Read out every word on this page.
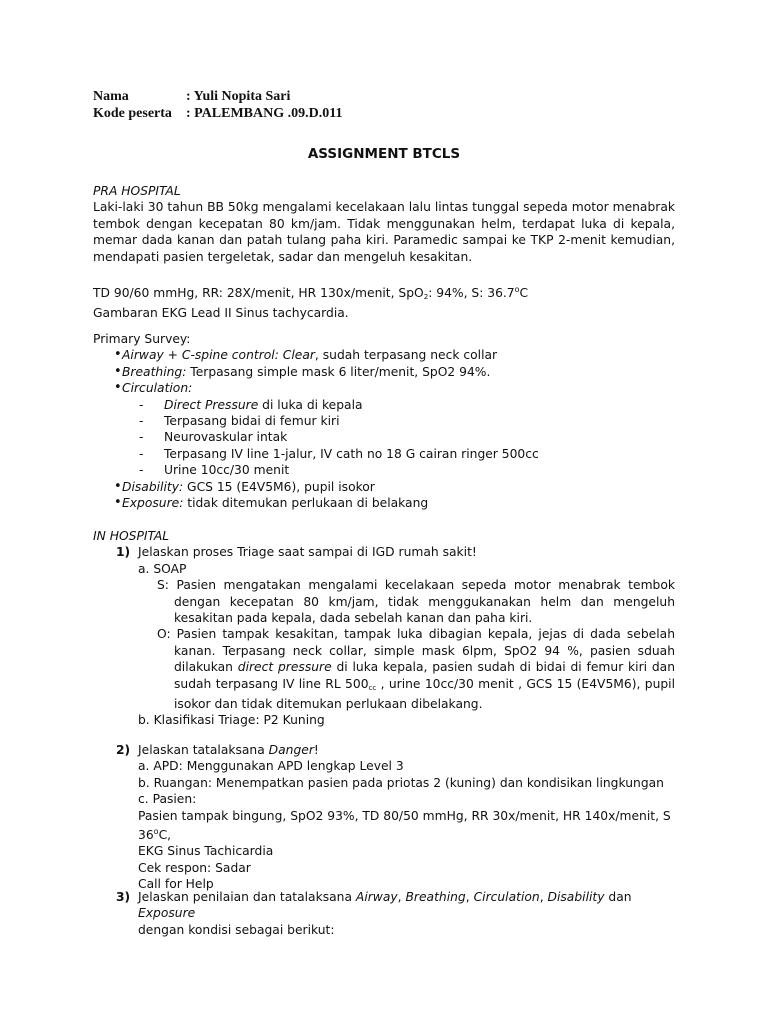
Nama	: Yuli Nopita Sari
Kode peserta : PALEMBANG .09.D.011
ASSIGNMENT BTCLS
PRA HOSPITAL
Laki-laki 30 tahun BB 50kg mengalami kecelakaan lalu lintas tunggal sepeda motor menabrak tembok dengan kecepatan 80 km/jam. Tidak menggunakan helm, terdapat luka di kepala, memar dada kanan dan patah tulang paha kiri. Paramedic sampai ke TKP 2-menit kemudian, mendapati pasien tergeletak, sadar dan mengeluh kesakitan.
TD 90/60 mmHg, RR: 28X/menit, HR 130x/menit, SpO$_2$: 94%, S: 36.7$^o$C
Gambaran EKG Lead II Sinus tachycardia.
Primary Survey:
• Airway + C-spine control: Clear, sudah terpasang neck collar
• Breathing: Terpasang simple mask 6 liter/menit, SpO2 94%.
• Circulation:
- Direct Pressure di luka di kepala
- Terpasang bidai di femur kiri
- Neurovaskular intak
- Terpasang IV line 1-jalur, IV cath no 18 G cairan ringer 500cc
- Urine 10cc/30 menit
• Disability: GCS 15 (E4V5M6), pupil isokor
• Exposure: tidak ditemukan perlukaan di belakang
IN HOSPITAL
1) Jelaskan proses Triage saat sampai di IGD rumah sakit!
a. SOAP
S: Pasien mengatakan mengalami kecelakaan sepeda motor menabrak tembok dengan kecepatan 80 km/jam, tidak menggukanakan helm dan mengeluh kesakitan pada kepala, dada sebelah kanan dan paha kiri.
O: Pasien tampak kesakitan, tampak luka dibagian kepala, jejas di dada sebelah kanan. Terpasang neck collar, simple mask 6lpm, SpO2 94 %, pasien sduah dilakukan direct pressure di luka kepala, pasien sudah di bidai di femur kiri dan sudah terpasang IV line RL $500_{cc}$ , urine 10cc/30 menit , GCS 15 (E4V5M6), pupil isokor dan tidak ditemukan perlukaan dibelakang.
b. Klasifikasi Triage: P2 Kuning
2) Jelaskan tatalaksana Danger!
a. APD: Menggunakan APD lengkap Level 3
b. Ruangan: Menempatkan pasien pada priotas 2 (kuning) dan kondisikan lingkungan
c. Pasien:
Pasien tampak bingung, SpO2 93%, TD 80/50 mmHg, RR 30x/menit, HR 140x/menit, S 36$^o$C,
EKG Sinus Tachicardia
Cek respon: Sadar
Call for Help
3) Jelaskan penilaian dan tatalaksana Airway, Breathing, Circulation, Disability dan Exposure
dengan kondisi sebagai berikut:
